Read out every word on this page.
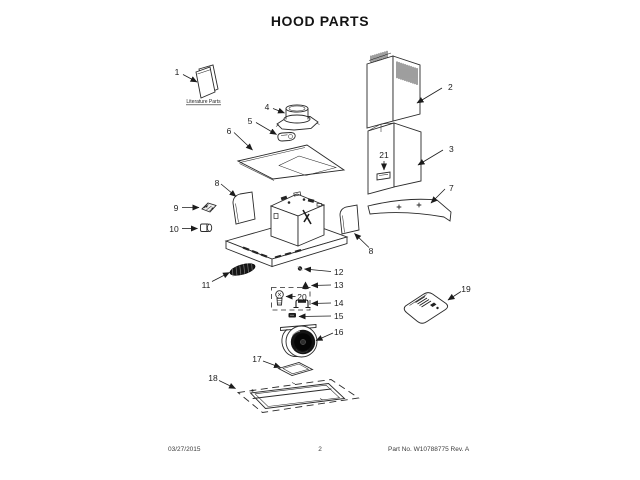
HOOD PARTS
1
2
3
4
5
6
7
8
8
9
10
11
12
13
14
15
16
17
18
19
20
21
Literature Parts
03/27/2015	2	Part No. W10788775 Rev. A
